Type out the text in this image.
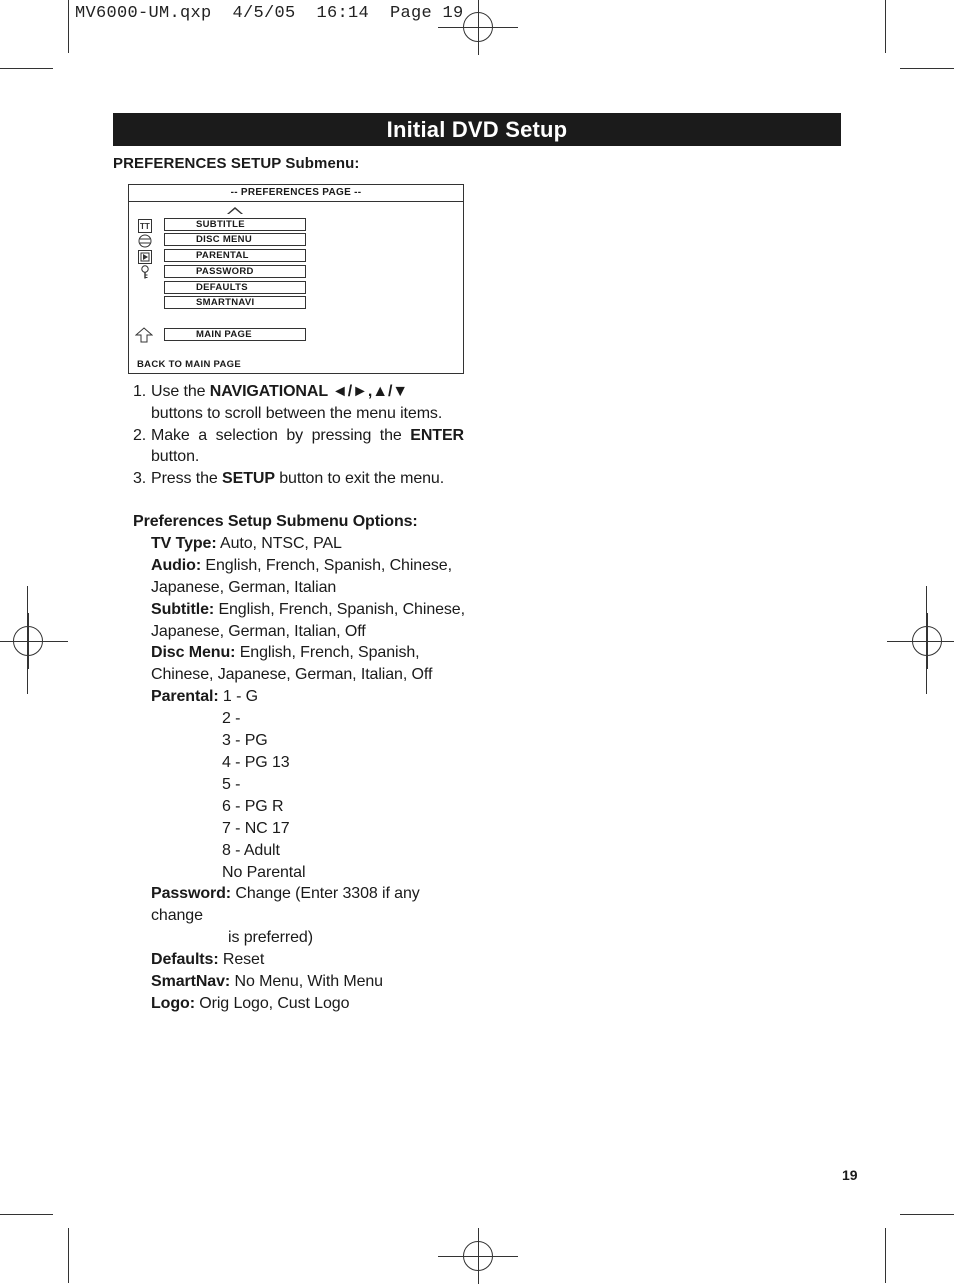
MV6000-UM.qxp  4/5/05  16:14  Page 19
Initial DVD Setup
PREFERENCES SETUP Submenu:
-- PREFERENCES PAGE --
TT	SUBTITLE
DISC MENU
PARENTAL
PASSWORD
DEFAULTS
SMARTNAVI
MAIN PAGE
BACK TO MAIN PAGE
1. Use the NAVIGATIONAL ◄/►,▲/▼ buttons to scroll between the menu items.
2. Make a selection by pressing the ENTER button.
3. Press the SETUP button to exit the menu.
Preferences Setup Submenu Options:
TV Type: Auto, NTSC, PAL
Audio: English, French, Spanish, Chinese, Japanese, German, Italian
Subtitle: English, French, Spanish, Chinese, Japanese, German, Italian, Off
Disc Menu: English, French, Spanish, Chinese, Japanese, German, Italian, Off
Parental: 1 - G
2 -
3 - PG
4 - PG 13
5 -
6 - PG R
7 - NC 17
8 - Adult
No Parental
Password: Change (Enter 3308 if any change
is preferred)
Defaults: Reset
SmartNav: No Menu, With Menu
Logo: Orig Logo, Cust Logo
19
